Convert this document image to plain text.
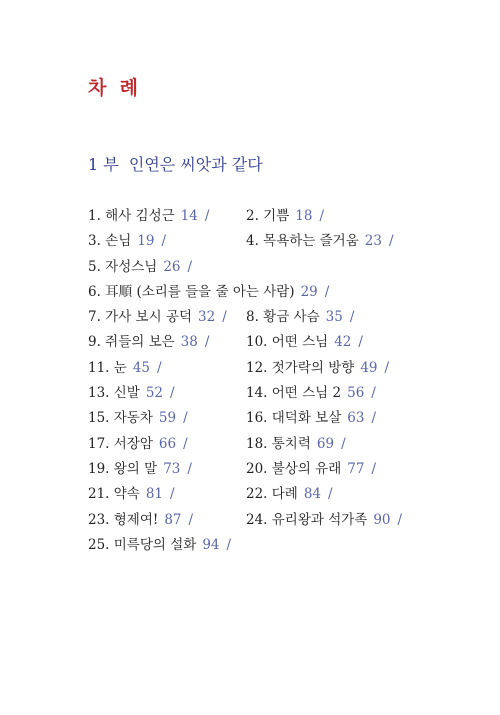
차  례
1 부  인연은 씨앗과 같다
1. 해사 김성근 14 /	2. 기쁨 18 /
3. 손님 19 /	4. 목욕하는 즐거움 23 /
5. 자성스님 26 /
6. 耳順 (소리를 들을 줄 아는 사람) 29 /
7. 가사 보시 공덕 32 / 8. 황금 사슴 35 /
9. 쥐들의 보은 38 /	10. 어떤 스님 42 /
11. 눈 45 /	12. 젓가락의 방향 49 /
13. 신발 52 /	14. 어떤 스님 2 56 /
15. 자동차 59 /	16. 대덕화 보살 63 /
17. 서장암 66 /	18. 통치력 69 /
19. 왕의 말 73 /	20. 불상의 유래 77 /
21. 약속 81 /	22. 다례 84 /
23. 형제여! 87 /	24. 유리왕과 석가족 90 /
25. 미륵당의 설화 94 /
